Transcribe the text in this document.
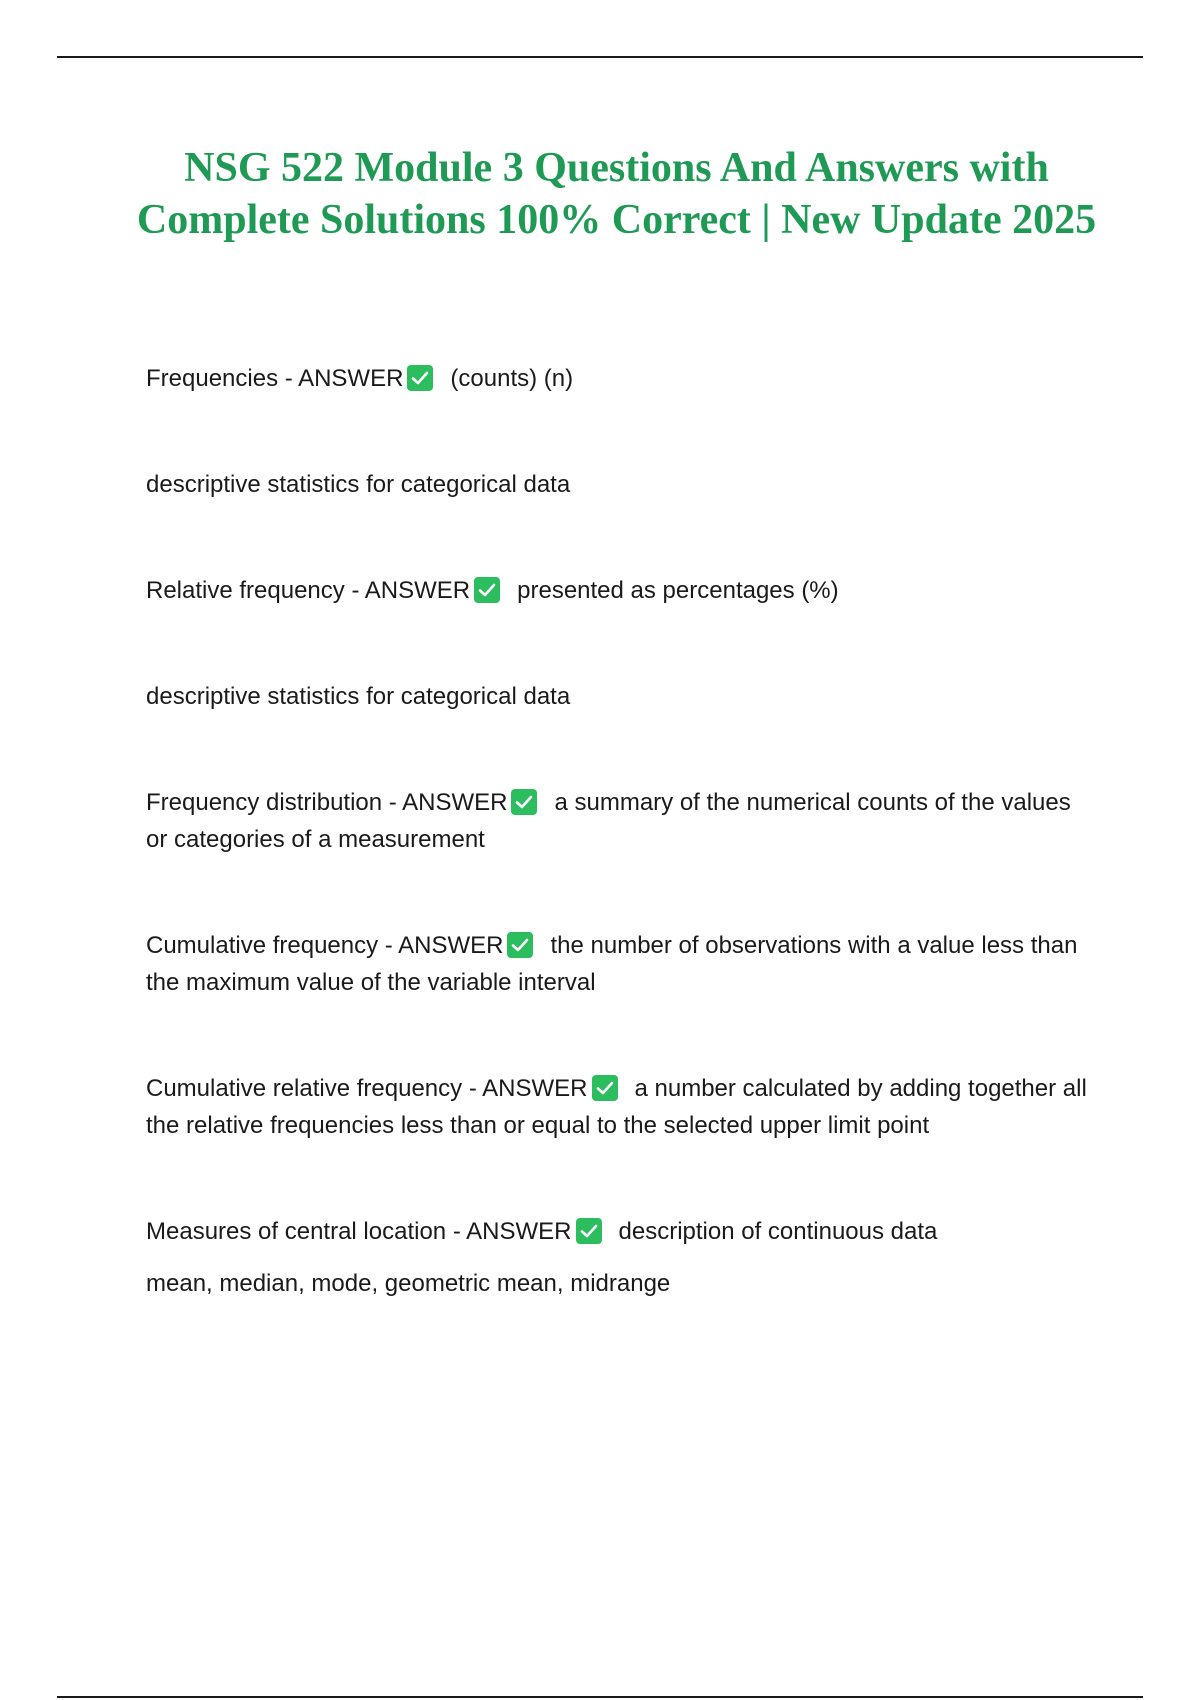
NSG 522 Module 3 Questions And Answers with Complete Solutions 100% Correct | New Update 2025

Frequencies - ANSWER (counts) (n)

descriptive statistics for categorical data

Relative frequency - ANSWER presented as percentages (%)

descriptive statistics for categorical data

Frequency distribution - ANSWER a summary of the numerical counts of the values or categories of a measurement

Cumulative frequency - ANSWER the number of observations with a value less than the maximum value of the variable interval

Cumulative relative frequency - ANSWER a number calculated by adding together all the relative frequencies less than or equal to the selected upper limit point

Measures of central location - ANSWER description of continuous data

mean, median, mode, geometric mean, midrange
